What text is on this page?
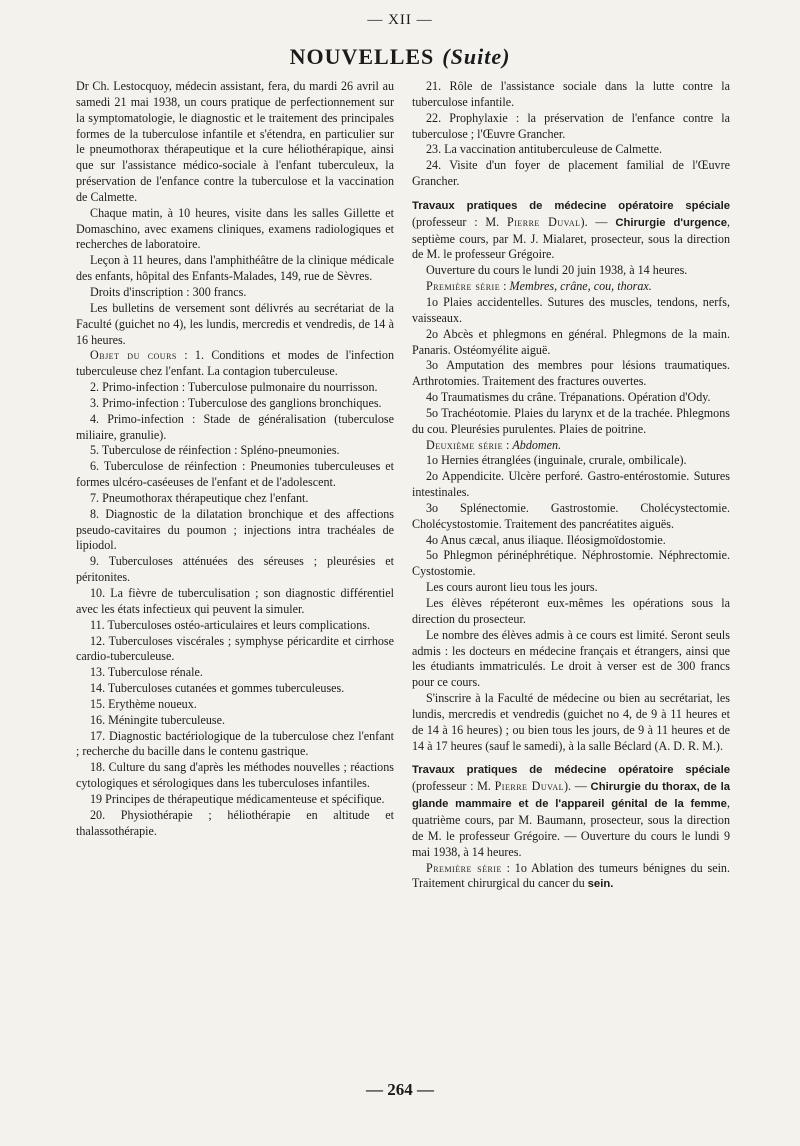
— XII —
NOUVELLES (Suite)

Dr Ch. Lestocquoy, médecin assistant, fera, du mardi 26 avril au samedi 21 mai 1938, un cours pratique de perfectionnement sur la symptomatologie, le diagnostic et le traitement des principales formes de la tuberculose infantile et s'étendra, en particulier sur le pneumothorax thérapeutique et la cure héliothérapique, ainsi que sur l'assistance médico-sociale à l'enfant tuberculeux, la préservation de l'enfance contre la tuberculose et la vaccination de Calmette.

Chaque matin, à 10 heures, visite dans les salles Gillette et Domaschino, avec examens cliniques, examens radiologiques et recherches de laboratoire.

Leçon à 11 heures, dans l'amphithéâtre de la clinique médicale des enfants, hôpital des Enfants-Malades, 149, rue de Sèvres.

Droits d'inscription : 300 francs.

Les bulletins de versement sont délivrés au secrétariat de la Faculté (guichet no 4), les lundis, mercredis et vendredis, de 14 à 16 heures.

Objet du cours : 1. Conditions et modes de l'infection tuberculeuse chez l'enfant. La contagion tuberculeuse.

2. Primo-infection : Tuberculose pulmonaire du nourrisson.

3. Primo-infection : Tuberculose des ganglions bronchiques.

4. Primo-infection : Stade de généralisation (tuberculose miliaire, granulie).

5. Tuberculose de réinfection : Spléno-pneumonies.

6. Tuberculose de réinfection : Pneumonies tuberculeuses et formes ulcéro-caséeuses de l'enfant et de l'adolescent.

7. Pneumothorax thérapeutique chez l'enfant.

8. Diagnostic de la dilatation bronchique et des affections pseudo-cavitaires du poumon ; injections intra trachéales de lipiodol.

9. Tuberculoses atténuées des séreuses ; pleurésies et péritonites.

10. La fièvre de tuberculisation ; son diagnostic différentiel avec les états infectieux qui peuvent la simuler.

11. Tuberculoses ostéo-articulaires et leurs complications.

12. Tuberculoses viscérales ; symphyse péricardite et cirrhose cardio-tuberculeuse.

13. Tuberculose rénale.

14. Tuberculoses cutanées et gommes tuberculeuses.

15. Erythème noueux.

16. Méningite tuberculeuse.

17. Diagnostic bactériologique de la tuberculose chez l'enfant ; recherche du bacille dans le contenu gastrique.

18. Culture du sang d'après les méthodes nouvelles ; réactions cytologiques et sérologiques dans les tuberculoses infantiles.

19 Principes de thérapeutique médicamenteuse et spécifique.

20. Physiothérapie ; héliothérapie en altitude et thalassothérapie.

21. Rôle de l'assistance sociale dans la lutte contre la tuberculose infantile.

22. Prophylaxie : la préservation de l'enfance contre la tuberculose ; l'Œuvre Grancher.

23. La vaccination antituberculeuse de Calmette.

24. Visite d'un foyer de placement familial de l'Œuvre Grancher.

Travaux pratiques de médecine opératoire spéciale (professeur : M. Pierre Duval). — Chirurgie d'urgence, septième cours, par M. J. Mialaret, prosecteur, sous la direction de M. le professeur Grégoire.

Ouverture du cours le lundi 20 juin 1938, à 14 heures.

Première série : Membres, crâne, cou, thorax.

1o Plaies accidentelles. Sutures des muscles, tendons, nerfs, vaisseaux.

2o Abcès et phlegmons en général. Phlegmons de la main. Panaris. Ostéomyélite aiguë.

3o Amputation des membres pour lésions traumatiques. Arthrotomies. Traitement des fractures ouvertes.

4o Traumatismes du crâne. Trépanations. Opération d'Ody.

5o Trachéotomie. Plaies du larynx et de la trachée. Phlegmons du cou. Pleurésies purulentes. Plaies de poitrine.

Deuxième série : Abdomen.

1o Hernies étranglées (inguinale, crurale, ombilicale).

2o Appendicite. Ulcère perforé. Gastro-entérostomie. Sutures intestinales.

3o Splénectomie. Gastrostomie. Cholécystectomie. Cholécystostomie. Traitement des pancréatites aiguës.

4o Anus cæcal, anus iliaque. Iléosigmoïdostomie.

5o Phlegmon périnéphrétique. Néphrostomie. Néphrectomie. Cystostomie.

Les cours auront lieu tous les jours.

Les élèves répéteront eux-mêmes les opérations sous la direction du prosecteur.

Le nombre des élèves admis à ce cours est limité. Seront seuls admis : les docteurs en médecine français et étrangers, ainsi que les étudiants immatriculés. Le droit à verser est de 300 francs pour ce cours.

S'inscrire à la Faculté de médecine ou bien au secrétariat, les lundis, mercredis et vendredis (guichet no 4, de 9 à 11 heures et de 14 à 16 heures) ; ou bien tous les jours, de 9 à 11 heures et de 14 à 17 heures (sauf le samedi), à la salle Béclard (A. D. R. M.).

Travaux pratiques de médecine opératoire spéciale (professeur : M. Pierre Duval). — Chirurgie du thorax, de la glande mammaire et de l'appareil génital de la femme, quatrième cours, par M. Baumann, prosecteur, sous la direction de M. le professeur Grégoire. — Ouverture du cours le lundi 9 mai 1938, à 14 heures.

Première série : 1o Ablation des tumeurs bénignes du sein. Traitement chirurgical du cancer du sein.

— 264 —
